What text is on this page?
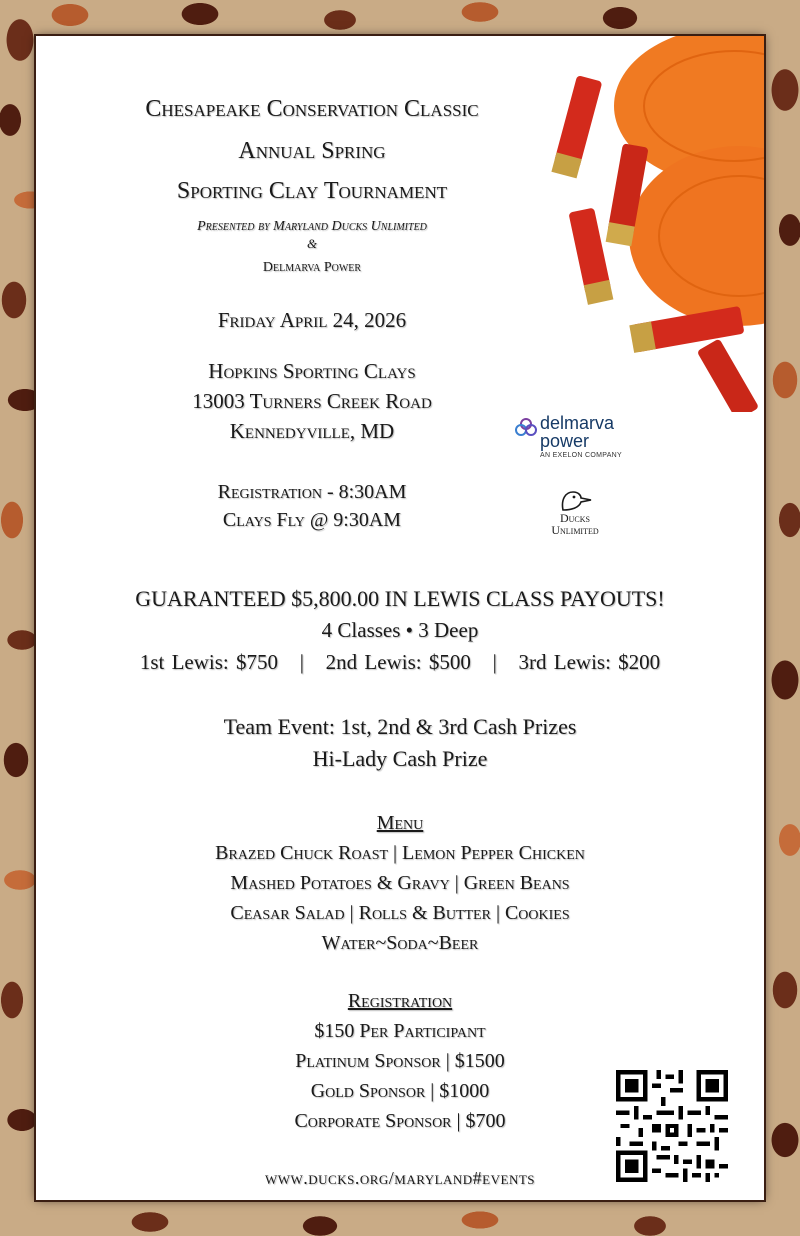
Chesapeake Conservation Classic
Annual Spring
Sporting Clay Tournament
Presented by Maryland Ducks Unlimited
&
Delmarva Power
Friday April 24, 2026
Hopkins Sporting Clays
13003 Turners Creek Road
Kennedyville, MD
Registration - 8:30AM
Clays Fly @ 9:30AM
delmarva
power
AN EXELON COMPANY
Ducks
Unlimited
GUARANTEED $5,800.00 IN LEWIS CLASS PAYOUTS!
4 Classes • 3 Deep
1st Lewis: $750   |   2nd Lewis: $500   |   3rd Lewis: $200
Team Event: 1st, 2nd & 3rd Cash Prizes
Hi-Lady Cash Prize
Menu
Brazed Chuck Roast | Lemon Pepper Chicken
Mashed Potatoes & Gravy | Green Beans
Ceasar Salad | Rolls & Butter | Cookies
Water~Soda~Beer
Registration
$150 Per Participant
Platinum Sponsor | $1500
Gold Sponsor | $1000
Corporate Sponsor | $700
www.ducks.org/maryland#events
